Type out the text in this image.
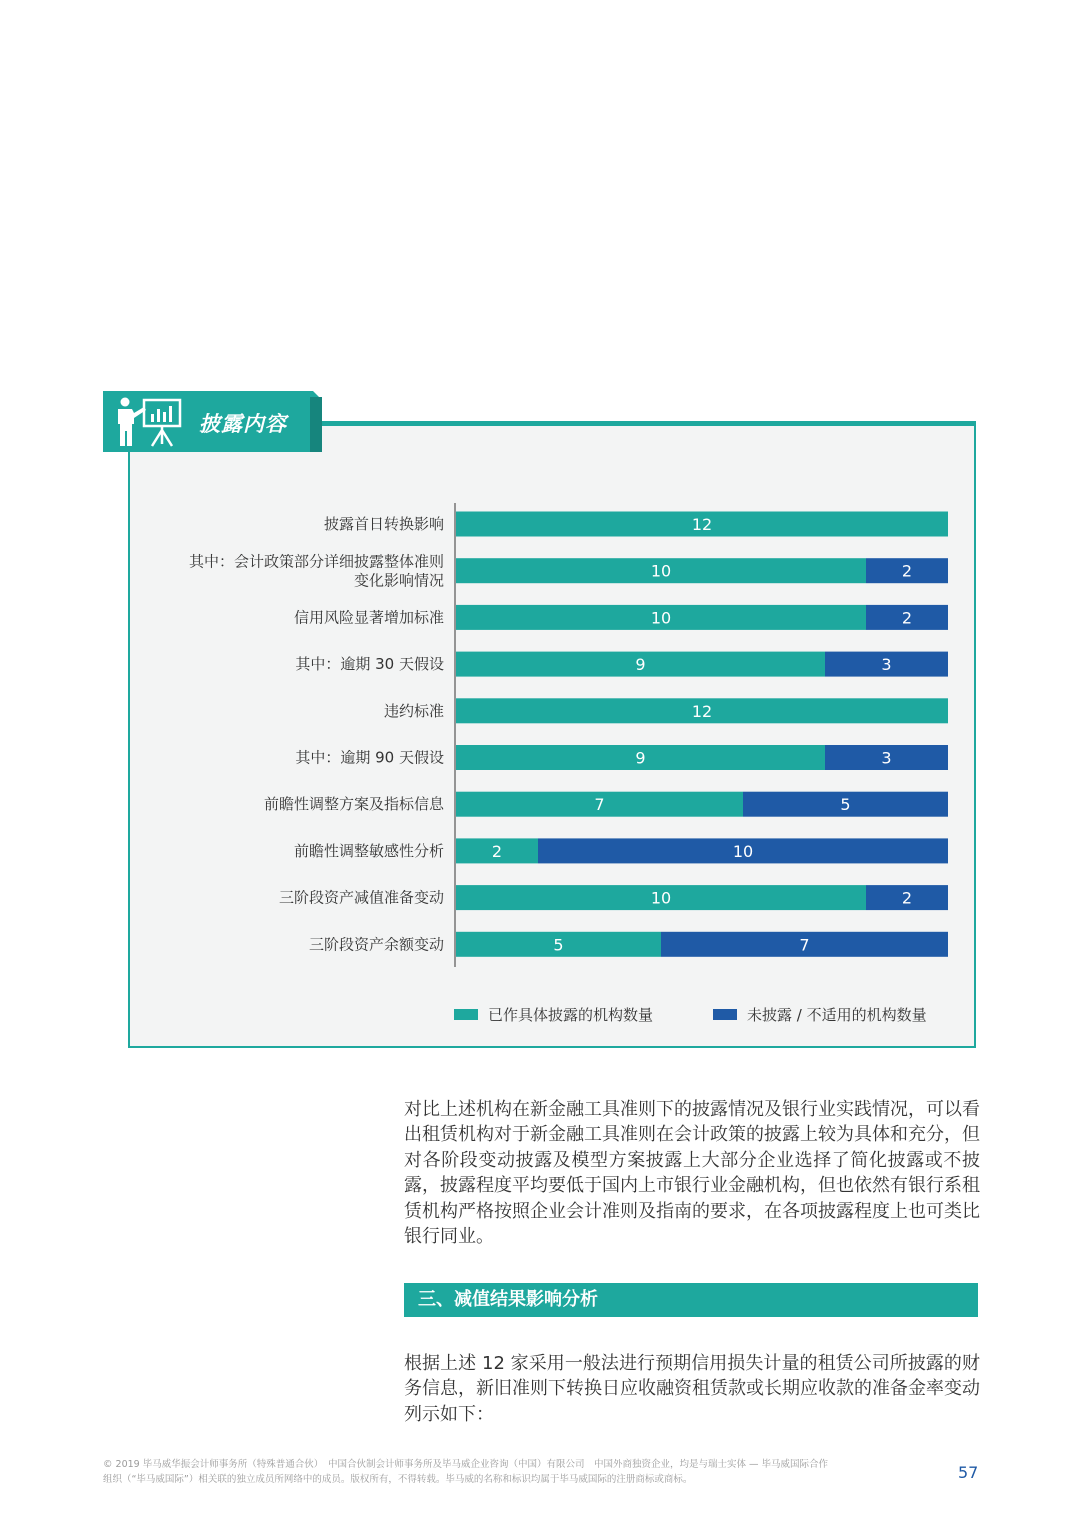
披露内容
披露首日转换影响	12
其中：会计政策部分详细披露整体准则变化影响情况	10	2
信用风险显著增加标准	10	2
其中：逾期 30 天假设	9	3
违约标准	12
其中：逾期 90 天假设	9	3
前瞻性调整方案及指标信息	7	5
前瞻性调整敏感性分析	2	10
三阶段资产减值准备变动	10	2
三阶段资产余额变动	5	7
已作具体披露的机构数量	未披露 / 不适用的机构数量

对比上述机构在新金融工具准则下的披露情况及银行业实践情况，可以看出租赁机构对于新金融工具准则在会计政策的披露上较为具体和充分，但对各阶段变动披露及模型方案披露上大部分企业选择了简化披露或不披露，披露程度平均要低于国内上市银行业金融机构，但也依然有银行系租赁机构严格按照企业会计准则及指南的要求，在各项披露程度上也可类比银行同业。

三、减值结果影响分析

根据上述 12 家采用一般法进行预期信用损失计量的租赁公司所披露的财务信息，新旧准则下转换日应收融资租赁款或长期应收款的准备金率变动列示如下：

© 2019 毕马威华振会计师事务所（特殊普通合伙）　中国合伙制会计师事务所及毕马威企业咨询（中国）有限公司　中国外商独资企业，均是与瑞士实体 — 毕马威国际合作组织（“毕马威国际”）相关联的独立成员所网络中的成员。版权所有，不得转载。毕马威的名称和标识均属于毕马威国际的注册商标或商标。	57
